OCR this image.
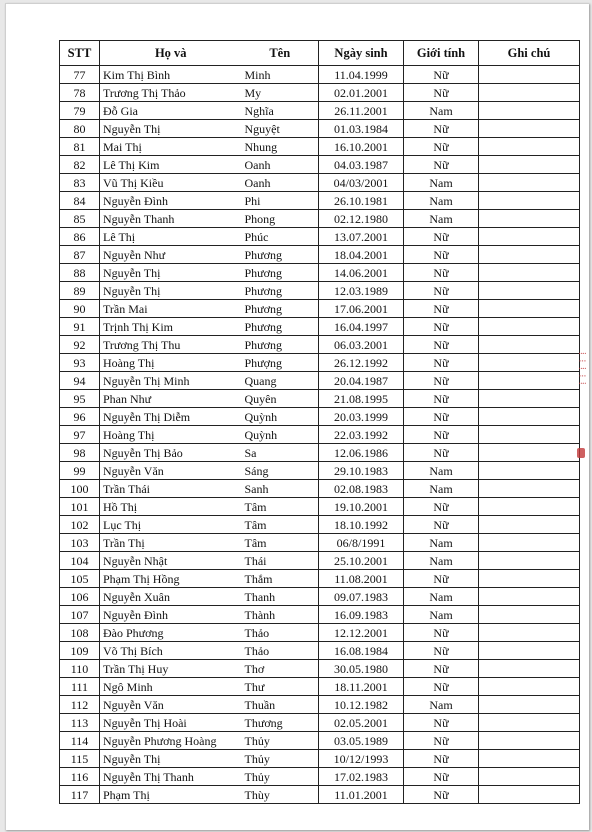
STT	Họ và	Tên	Ngày sinh	Giới tính	Ghi chú
77	Kim Thị Bình	Minh	11.04.1999	Nữ	
78	Trương Thị Thảo	My	02.01.2001	Nữ	
79	Đỗ Gia	Nghĩa	26.11.2001	Nam	
80	Nguyễn Thị	Nguyệt	01.03.1984	Nữ	
81	Mai Thị	Nhung	16.10.2001	Nữ	
82	Lê Thị Kim	Oanh	04.03.1987	Nữ	
83	Vũ Thị Kiều	Oanh	04/03/2001	Nam	
84	Nguyễn Đình	Phi	26.10.1981	Nam	
85	Nguyễn Thanh	Phong	02.12.1980	Nam	
86	Lê Thị	Phúc	13.07.2001	Nữ	
87	Nguyễn Như	Phương	18.04.2001	Nữ	
88	Nguyễn Thị	Phương	14.06.2001	Nữ	
89	Nguyễn Thị	Phương	12.03.1989	Nữ	
90	Trần Mai	Phương	17.06.2001	Nữ	
91	Trịnh Thị Kim	Phương	16.04.1997	Nữ	
92	Trương Thị Thu	Phương	06.03.2001	Nữ	
93	Hoàng Thị	Phượng	26.12.1992	Nữ	
94	Nguyễn Thị Minh	Quang	20.04.1987	Nữ	
95	Phan Như	Quyên	21.08.1995	Nữ	
96	Nguyễn Thị Diễm	Quỳnh	20.03.1999	Nữ	
97	Hoàng Thị	Quỳnh	22.03.1992	Nữ	
98	Nguyễn Thị Bảo	Sa	12.06.1986	Nữ	
99	Nguyễn Văn	Sáng	29.10.1983	Nam	
100	Trần Thái	Sanh	02.08.1983	Nam	
101	Hồ Thị	Tâm	19.10.2001	Nữ	
102	Lục Thị	Tâm	18.10.1992	Nữ	
103	Trần Thị	Tâm	06/8/1991	Nam	
104	Nguyễn Nhật	Thái	25.10.2001	Nam	
105	Phạm Thị Hồng	Thắm	11.08.2001	Nữ	
106	Nguyễn Xuân	Thanh	09.07.1983	Nam	
107	Nguyễn Đình	Thành	16.09.1983	Nam	
108	Đào Phương	Thảo	12.12.2001	Nữ	
109	Võ Thị Bích	Thảo	16.08.1984	Nữ	
110	Trần Thị Huy	Thơ	30.05.1980	Nữ	
111	Ngô Minh	Thư	18.11.2001	Nữ	
112	Nguyễn Văn	Thuần	10.12.1982	Nam	
113	Nguyễn Thị Hoài	Thương	02.05.2001	Nữ	
114	Nguyễn Phương Hoàng	Thủy	03.05.1989	Nữ	
115	Nguyễn Thị	Thủy	10/12/1993	Nữ	
116	Nguyễn Thị Thanh	Thủy	17.02.1983	Nữ	
117	Phạm Thị	Thùy	11.01.2001	Nữ	
⁞ ⁝ ⁞ ⁝ ⁞
